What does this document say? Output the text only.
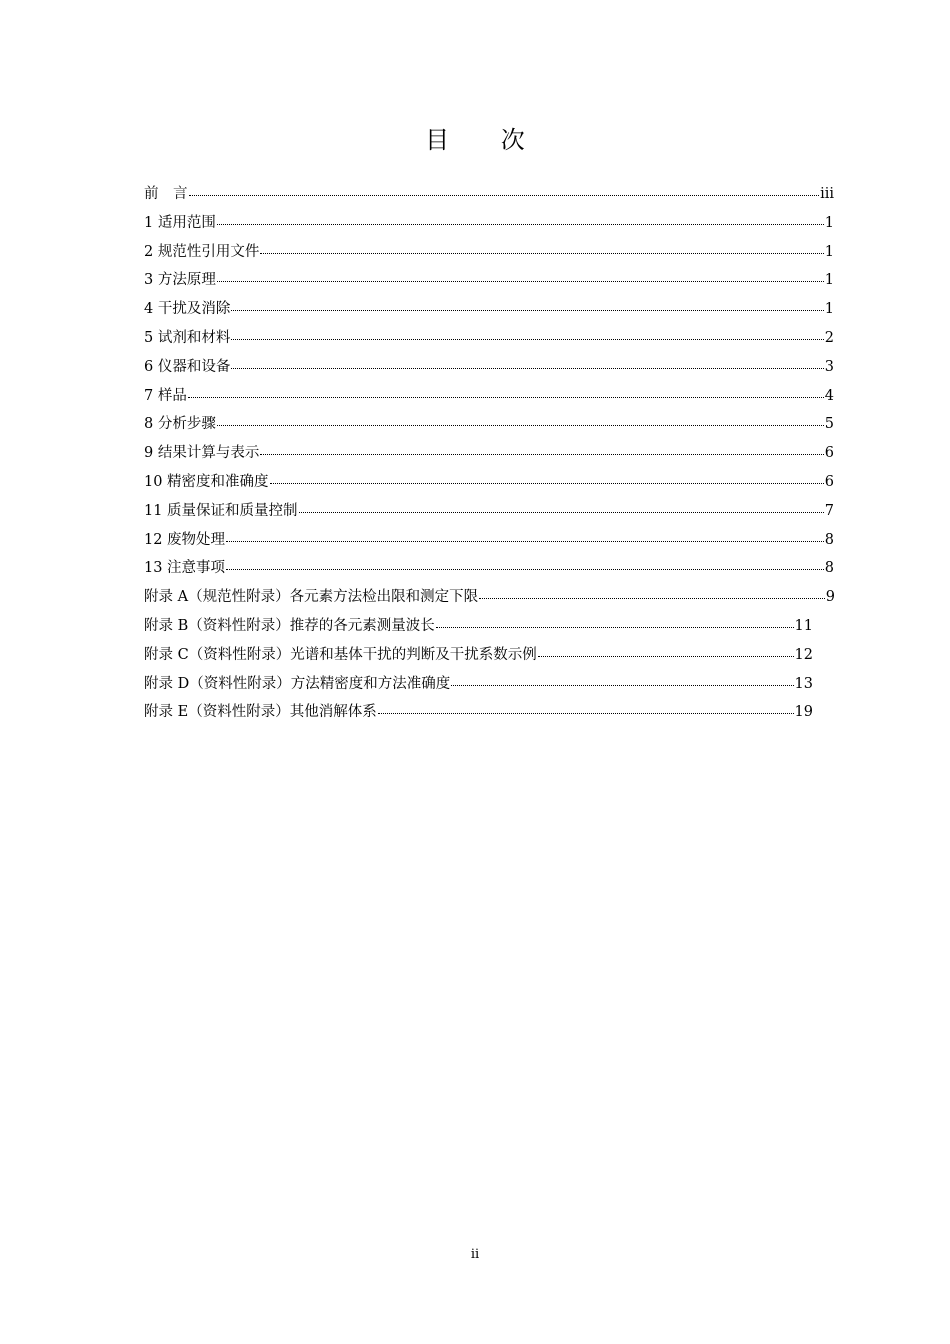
目 次
前　言	iii
1 适用范围	1
2 规范性引用文件	1
3 方法原理	1
4 干扰及消除	1
5 试剂和材料	2
6 仪器和设备	3
7 样品	4
8 分析步骤	5
9 结果计算与表示	6
10 精密度和准确度	6
11 质量保证和质量控制	7
12 废物处理	8
13 注意事项	8
附录 A（规范性附录）各元素方法检出限和测定下限	9
附录 B（资料性附录）推荐的各元素测量波长	11
附录 C（资料性附录）光谱和基体干扰的判断及干扰系数示例	12
附录 D（资料性附录）方法精密度和方法准确度	13
附录 E（资料性附录）其他消解体系	19
ii
